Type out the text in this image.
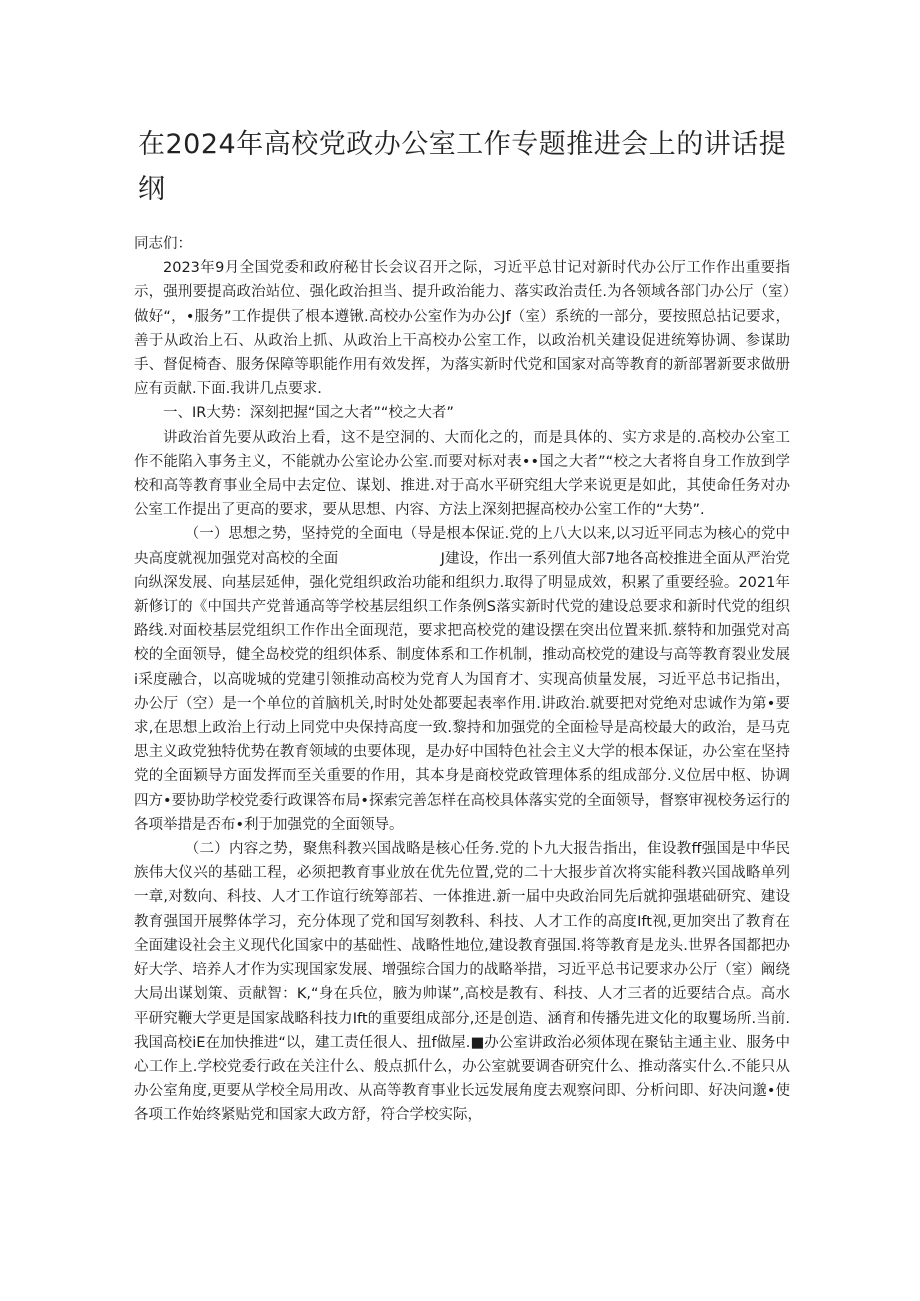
在2024年高校党政办公室工作专题推进会上的讲话提纲

同志们：

2023年9月全国党委和政府秘甘长会议召开之际，习近平总甘记对新时代办公厅工作作出重要指示，强刑要提高政治站位、强化政治担当、提升政治能力、落实政治责任.为各领域各部门办公厅（室）做好“，•服务”工作提供了根本遵锹.高校办公室作为办公Jf（室）系统的一部分，要按照总拈记要求，善于从政治上石、从政治上抓、从政治上干高校办公室工作，以政治机关建设促进统筹协调、参谋助手、督促椅杳、服务保障等职能作用有效发挥，为落实新时代党和国家对高等教育的新部署新要求做册应有贡献.下面.我讲几点要求.

一、IR大势：深刻把握“国之大者”“校之大者”

讲政治首先要从政治上看，这不是空洞的、大而化之的，而是具体的、实方求是的.高校办公室工作不能陷入事务主义，不能就办公室论办公室.而要对标对表••国之大者”“校之大者将自身工作放到学校和高等教育事业全局中去定位、谋划、推进.对于高水平研究组大学来说更是如此，其使命任务对办公室工作提出了更高的要求，要从思想、内容、方法上深刻把握高校办公室工作的“大势”.

（一）思想之势，坚持党的全面电（导是根本保证.党的上八大以来,以习近平同志为核心的党中央高度就视加强党对高校的全面　　　　　　　J建设，作出一系列值大部7地各高校推进全面从严治党向纵深发展、向基层延伸，强化党组织政治功能和组织力.取得了明显成效，积累了重要经验。2021年新修订的《中国共产党普通高等学校基层组织工作条例S落实新时代党的建设总要求和新时代党的组织路线.对面校基层党组织工作作出全面现范，要求把高校党的建设摆在突出位置来抓.蔡特和加强党对高校的全面领导，健全岛校党的组织体系、制度体系和工作机制，推动高校党的建设与高等教育裂业发展i采度融合，以高咙城的党建引领推动高校为党育人为国育才、实现高侦量发展，习近平总书记指出，办公厅（空）是一个单位的首脑机关,时时处处都要起表率作用.讲政治.就要把对党绝对忠诚作为第•要求,在思想上政治上行动上同党中央保持高度一致.黎持和加强党的全面检导是高校最大的政治，是马克思主义政党独特优势在教育领域的虫要体现，是办好中国特色社会主义大学的根本保证，办公室在坚持党的全面颖导方面发挥而至关重要的作用，其本身是商校党政管理体系的组成部分.义位居中枢、协调四方•要协助学校党委行政课答布局•探索完善怎样在高校具体落实党的全面领导，督察审视校务运行的各项举措是否布•利于加强党的全面领导。

（二）内容之势，聚焦科教兴国战略是核心任务.党的卜九大报告指出，隹设教ff强国是中华民族伟大仪兴的基础工程，必须把教育事业放在优先位置,党的二十大报步首次将实能科教兴国战略单列一章,对数向、科技、人才工作谊行统筹部若、一体推进.新一届中央政治同先后就抑强堪础研究、建设教育强国开展弊体学习，充分体现了党和国写刻教科、科技、人才工作的高度Ift视,更加突出了教育在全面建设社会主义现代化国家中的基础性、战略性地位,建设教育强国.将等教育是龙头.世界各国都把办好大学、培养人才作为实现国家发展、增强综合国力的战略举措，习近平总书记要求办公厅（室）阚绕大局出谋划策、贡献智：K,“身在兵位，腋为帅谋”,高校是教有、科技、人才三者的近要结合点。高水平研究鞭大学更是国家战略科技力Ift的重要组成部分,还是创造、涵育和传播先进文化的取矍场所.当前.我国高校iE在加快推进“以，建工责任很人、扭f做屋.■办公室讲政治必须体现在聚钻主通主业、服务中心工作上.学校党委行政在关注什么、般点抓什么，办公室就要调杳研究什么、推动落实什么.不能只从办公室角度,更要从学校全局用改、从高等教育事业长远发展角度去观察问即、分析问即、好决问邈•使各项工作始终紧贴党和国家大政方舒，符合学校实际，
